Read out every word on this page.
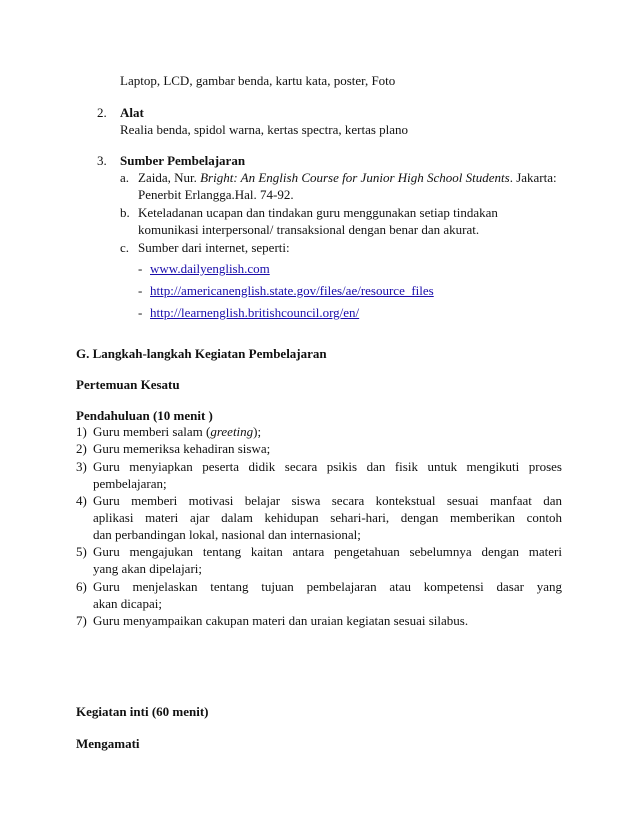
Laptop, LCD, gambar benda, kartu kata, poster, Foto
2. Alat
Realia benda, spidol warna, kertas spectra, kertas plano
3. Sumber Pembelajaran
a. Zaida, Nur. Bright: An English Course for Junior High School Students. Jakarta:
Penerbit Erlangga.Hal. 74-92.
b. Keteladanan ucapan dan tindakan guru menggunakan setiap tindakan
komunikasi interpersonal/ transaksional dengan benar dan akurat.
c. Sumber dari internet, seperti:
- www.dailyenglish.com
- http://americanenglish.state.gov/files/ae/resource_files
- http://learnenglish.britishcouncil.org/en/
G. Langkah-langkah Kegiatan Pembelajaran
Pertemuan Kesatu
Pendahuluan (10 menit )
1) Guru memberi salam (greeting);
2) Guru memeriksa kehadiran siswa;
3) Guru menyiapkan peserta didik secara psikis dan fisik untuk mengikuti proses
pembelajaran;
4) Guru memberi motivasi belajar siswa secara kontekstual sesuai manfaat dan
aplikasi materi ajar dalam kehidupan sehari-hari, dengan memberikan contoh
dan perbandingan lokal, nasional dan internasional;
5) Guru mengajukan tentang kaitan antara pengetahuan sebelumnya dengan materi
yang akan dipelajari;
6) Guru menjelaskan tentang tujuan pembelajaran atau kompetensi dasar yang
akan dicapai;
7) Guru menyampaikan cakupan materi dan uraian kegiatan sesuai silabus.
Kegiatan inti (60 menit)
Mengamati
